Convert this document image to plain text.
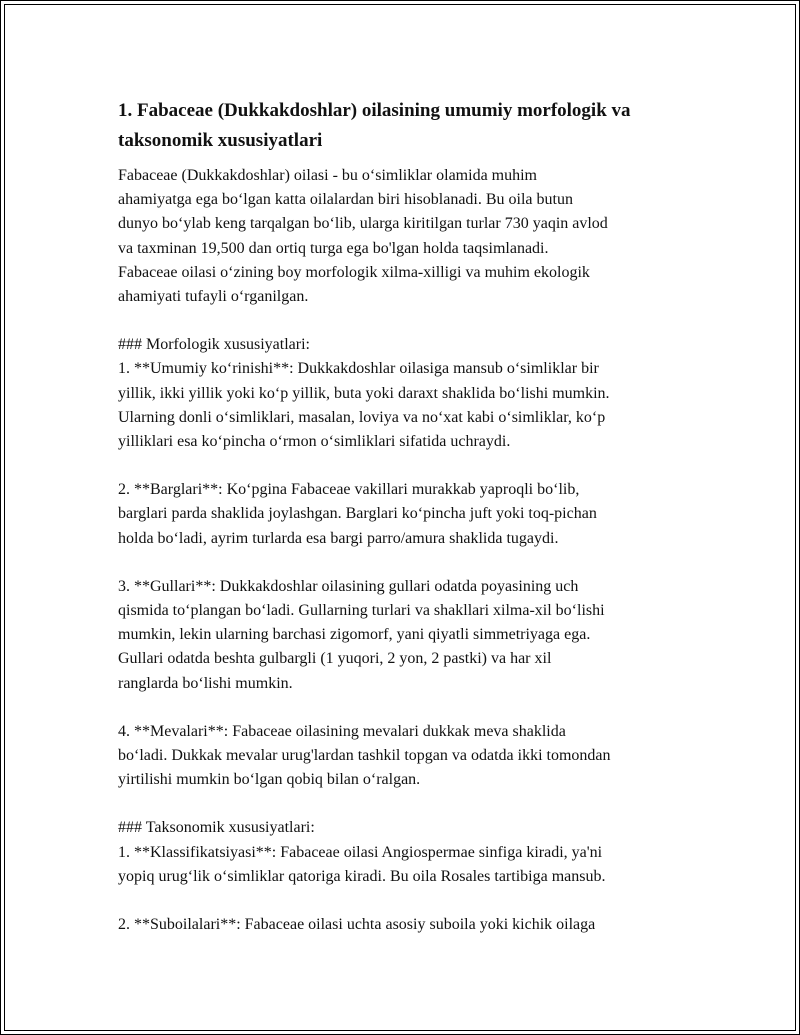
1. Fabaceae (Dukkakdoshlar) oilasining umumiy morfologik va
taksonomik xususiyatlari
Fabaceae (Dukkakdoshlar) oilasi - bu o‘simliklar olamida muhim
ahamiyatga ega bo‘lgan katta oilalardan biri hisoblanadi. Bu oila butun
dunyo bo‘ylab keng tarqalgan bo‘lib, ularga kiritilgan turlar 730 yaqin avlod
va taxminan 19,500 dan ortiq turga ega bo'lgan holda taqsimlanadi.
Fabaceae oilasi o‘zining boy morfologik xilma-xilligi va muhim ekologik
ahamiyati tufayli o‘rganilgan.
### Morfologik xususiyatlari:
1. **Umumiy ko‘rinishi**: Dukkakdoshlar oilasiga mansub o‘simliklar bir
yillik, ikki yillik yoki ko‘p yillik, buta yoki daraxt shaklida bo‘lishi mumkin.
Ularning donli o‘simliklari, masalan, loviya va no‘xat kabi o‘simliklar, ko‘p
yilliklari esa ko‘pincha o‘rmon o‘simliklari sifatida uchraydi.
2. **Barglari**: Ko‘pgina Fabaceae vakillari murakkab yaproqli bo‘lib,
barglari parda shaklida joylashgan. Barglari ko‘pincha juft yoki toq-pichan
holda bo‘ladi, ayrim turlarda esa bargi parro/amura shaklida tugaydi.
3. **Gullari**: Dukkakdoshlar oilasining gullari odatda poyasining uch
qismida to‘plangan bo‘ladi. Gullarning turlari va shakllari xilma-xil bo‘lishi
mumkin, lekin ularning barchasi zigomorf, yani qiyatli simmetriyaga ega.
Gullari odatda beshta gulbargli (1 yuqori, 2 yon, 2 pastki) va har xil
ranglarda bo‘lishi mumkin.
4. **Mevalari**: Fabaceae oilasining mevalari dukkak meva shaklida
bo‘ladi. Dukkak mevalar urug'lardan tashkil topgan va odatda ikki tomondan
yirtilishi mumkin bo‘lgan qobiq bilan o‘ralgan.
### Taksonomik xususiyatlari:
1. **Klassifikatsiyasi**: Fabaceae oilasi Angiospermae sinfiga kiradi, ya'ni
yopiq urug‘lik o‘simliklar qatoriga kiradi. Bu oila Rosales tartibiga mansub.
2. **Suboilalari**: Fabaceae oilasi uchta asosiy suboila yoki kichik oilaga
